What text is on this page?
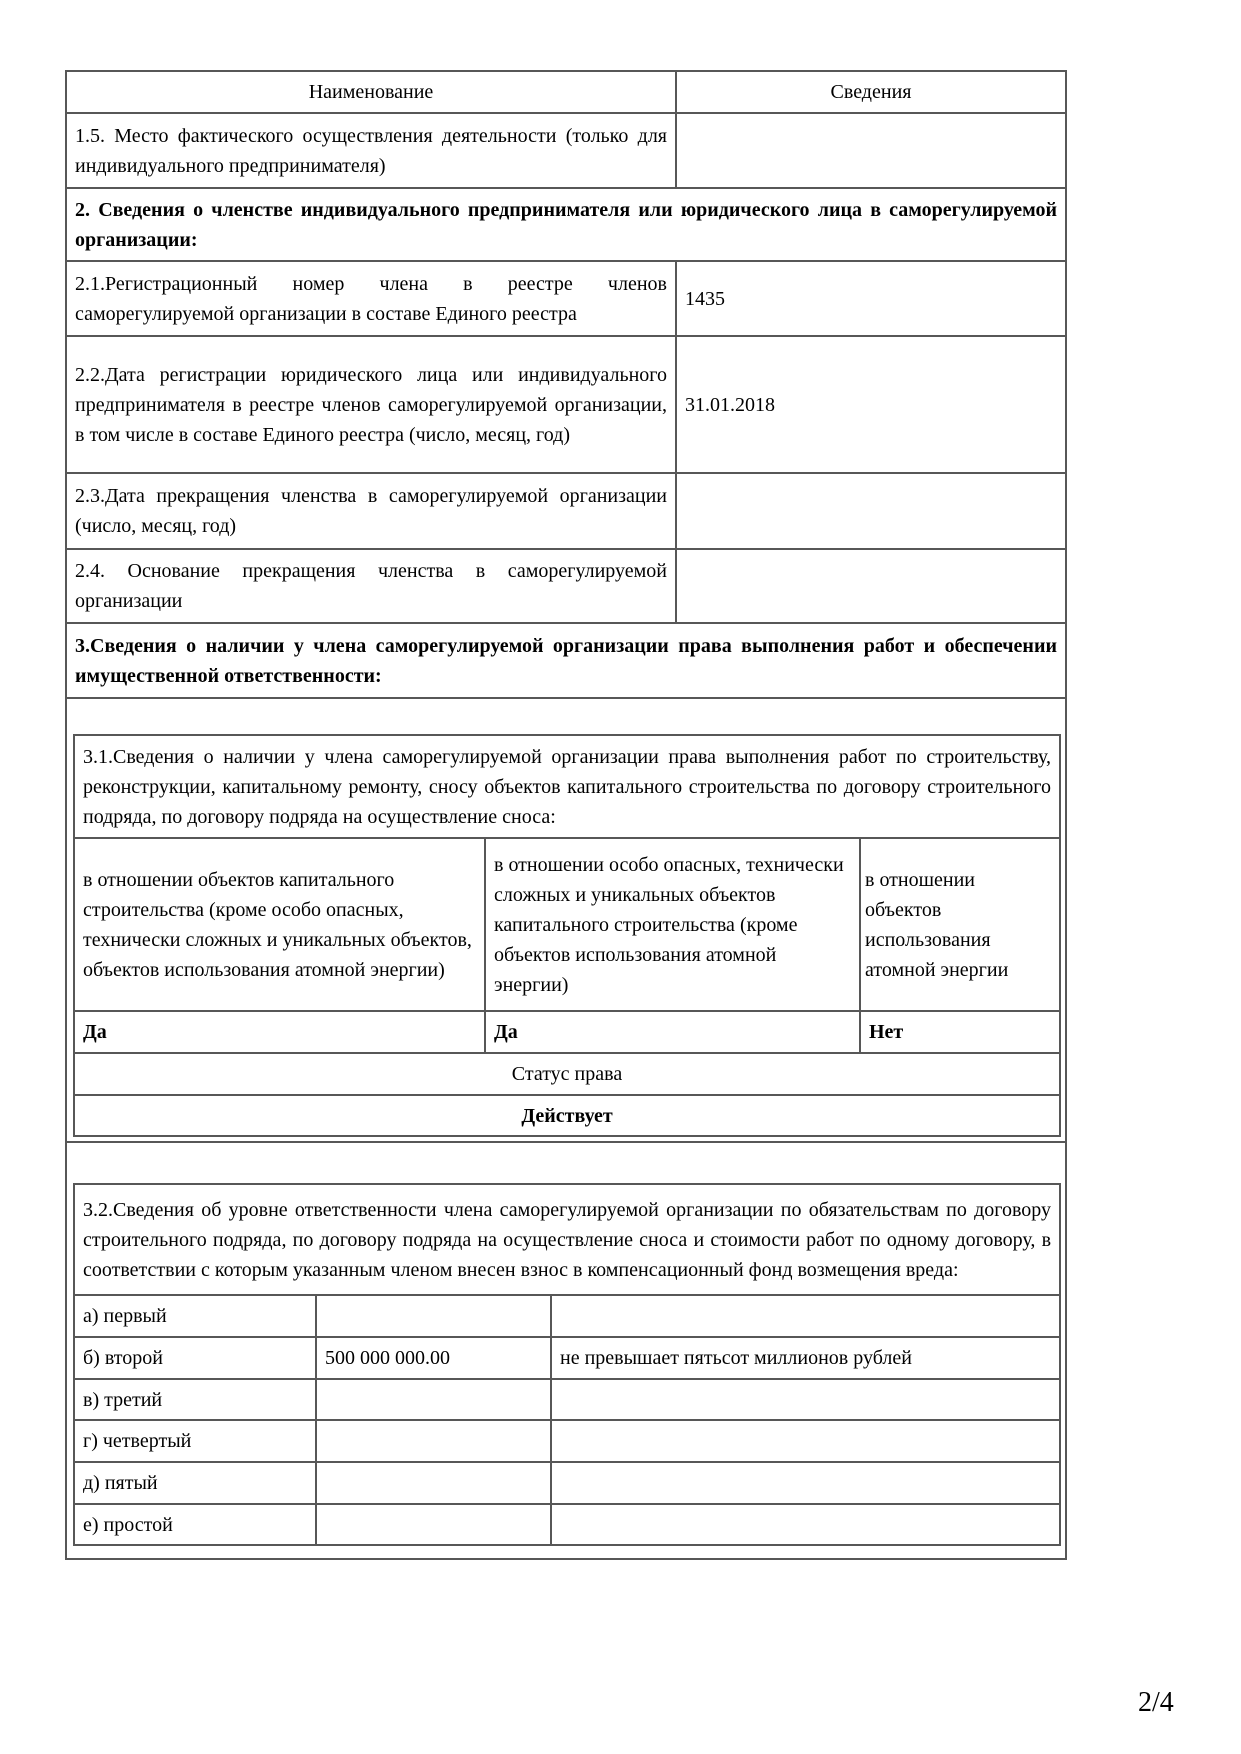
Наименование	Сведения
1.5. Место фактического осуществления деятельности (только для индивидуального предпринимателя)	
2. Сведения о членстве индивидуального предпринимателя или юридического лица в саморегулируемой организации:
2.1.Регистрационный номер члена в реестре членов саморегулируемой организации в составе Единого реестра	1435
2.2.Дата регистрации юридического лица или индивидуального предпринимателя в реестре членов саморегулируемой организации, в том числе в составе Единого реестра (число, месяц, год)	31.01.2018
2.3.Дата прекращения членства в саморегулируемой организации (число, месяц, год)	
2.4. Основание прекращения членства в саморегулируемой организации	
3.Сведения о наличии у члена саморегулируемой организации права выполнения работ и обеспечении имущественной ответственности:

3.1.Сведения о наличии у члена саморегулируемой организации права выполнения работ по строительству, реконструкции, капитальному ремонту, сносу объектов капитального строительства по договору строительного подряда, по договору подряда на осуществление сноса:
в отношении объектов капитального строительства (кроме особо опасных, технически сложных и уникальных объектов, объектов использования атомной энергии)	в отношении особо опасных, технически сложных и уникальных объектов капитального строительства (кроме объектов использования атомной энергии)	в отношении объектов использования атомной энергии
Да	Да	Нет
Статус права
Действует

3.2.Сведения об уровне ответственности члена саморегулируемой организации по обязательствам по договору строительного подряда, по договору подряда на осуществление сноса и стоимости работ по одному договору, в соответствии с которым указанным членом внесен взнос в компенсационный фонд возмещения вреда:
а) первый		
б) второй	500 000 000.00	не превышает пятьсот миллионов рублей
в) третий		
г) четвертый		
д) пятый		
е) простой		
2/4
